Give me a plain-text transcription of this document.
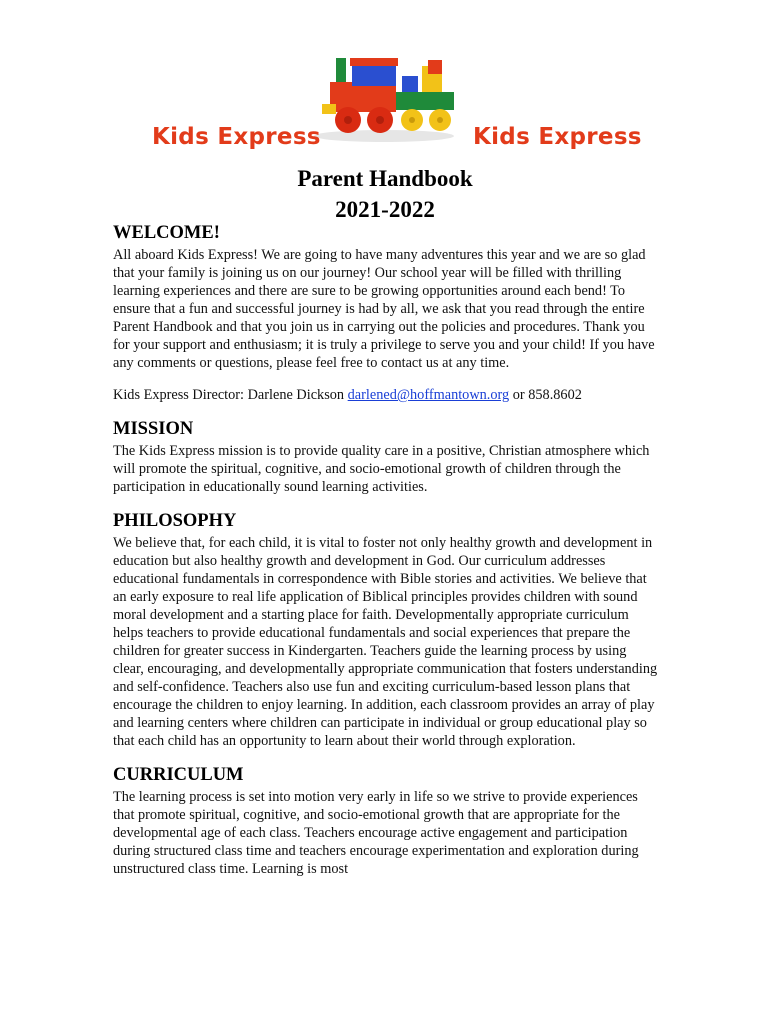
Kids Express	Kids Express
Parent Handbook
2021-2022
WELCOME!

All aboard Kids Express! We are going to have many adventures this year and we are so glad that your family is joining us on our journey! Our school year will be filled with thrilling learning experiences and there are sure to be growing opportunities around each bend! To ensure that a fun and successful journey is had by all, we ask that you read through the entire Parent Handbook and that you join us in carrying out the policies and procedures. Thank you for your support and enthusiasm; it is truly a privilege to serve you and your child! If you have any comments or questions, please feel free to contact us at any time.

Kids Express Director: Darlene Dickson darlened@hoffmantown.org or 858.8602

MISSION

The Kids Express mission is to provide quality care in a positive, Christian atmosphere which will promote the spiritual, cognitive, and socio-emotional growth of children through the participation in educationally sound learning activities.

PHILOSOPHY

We believe that, for each child, it is vital to foster not only healthy growth and development in education but also healthy growth and development in God. Our curriculum addresses educational fundamentals in correspondence with Bible stories and activities. We believe that an early exposure to real life application of Biblical principles provides children with sound moral development and a starting place for faith. Developmentally appropriate curriculum helps teachers to provide educational fundamentals and social experiences that prepare the children for greater success in Kindergarten. Teachers guide the learning process by using clear, encouraging, and developmentally appropriate communication that fosters understanding and self-confidence. Teachers also use fun and exciting curriculum-based lesson plans that encourage the children to enjoy learning. In addition, each classroom provides an array of play and learning centers where children can participate in individual or group educational play so that each child has an opportunity to learn about their world through exploration.

CURRICULUM

The learning process is set into motion very early in life so we strive to provide experiences that promote spiritual, cognitive, and socio-emotional growth that are appropriate for the developmental age of each class. Teachers encourage active engagement and participation during structured class time and teachers encourage experimentation and exploration during unstructured class time. Learning is most
